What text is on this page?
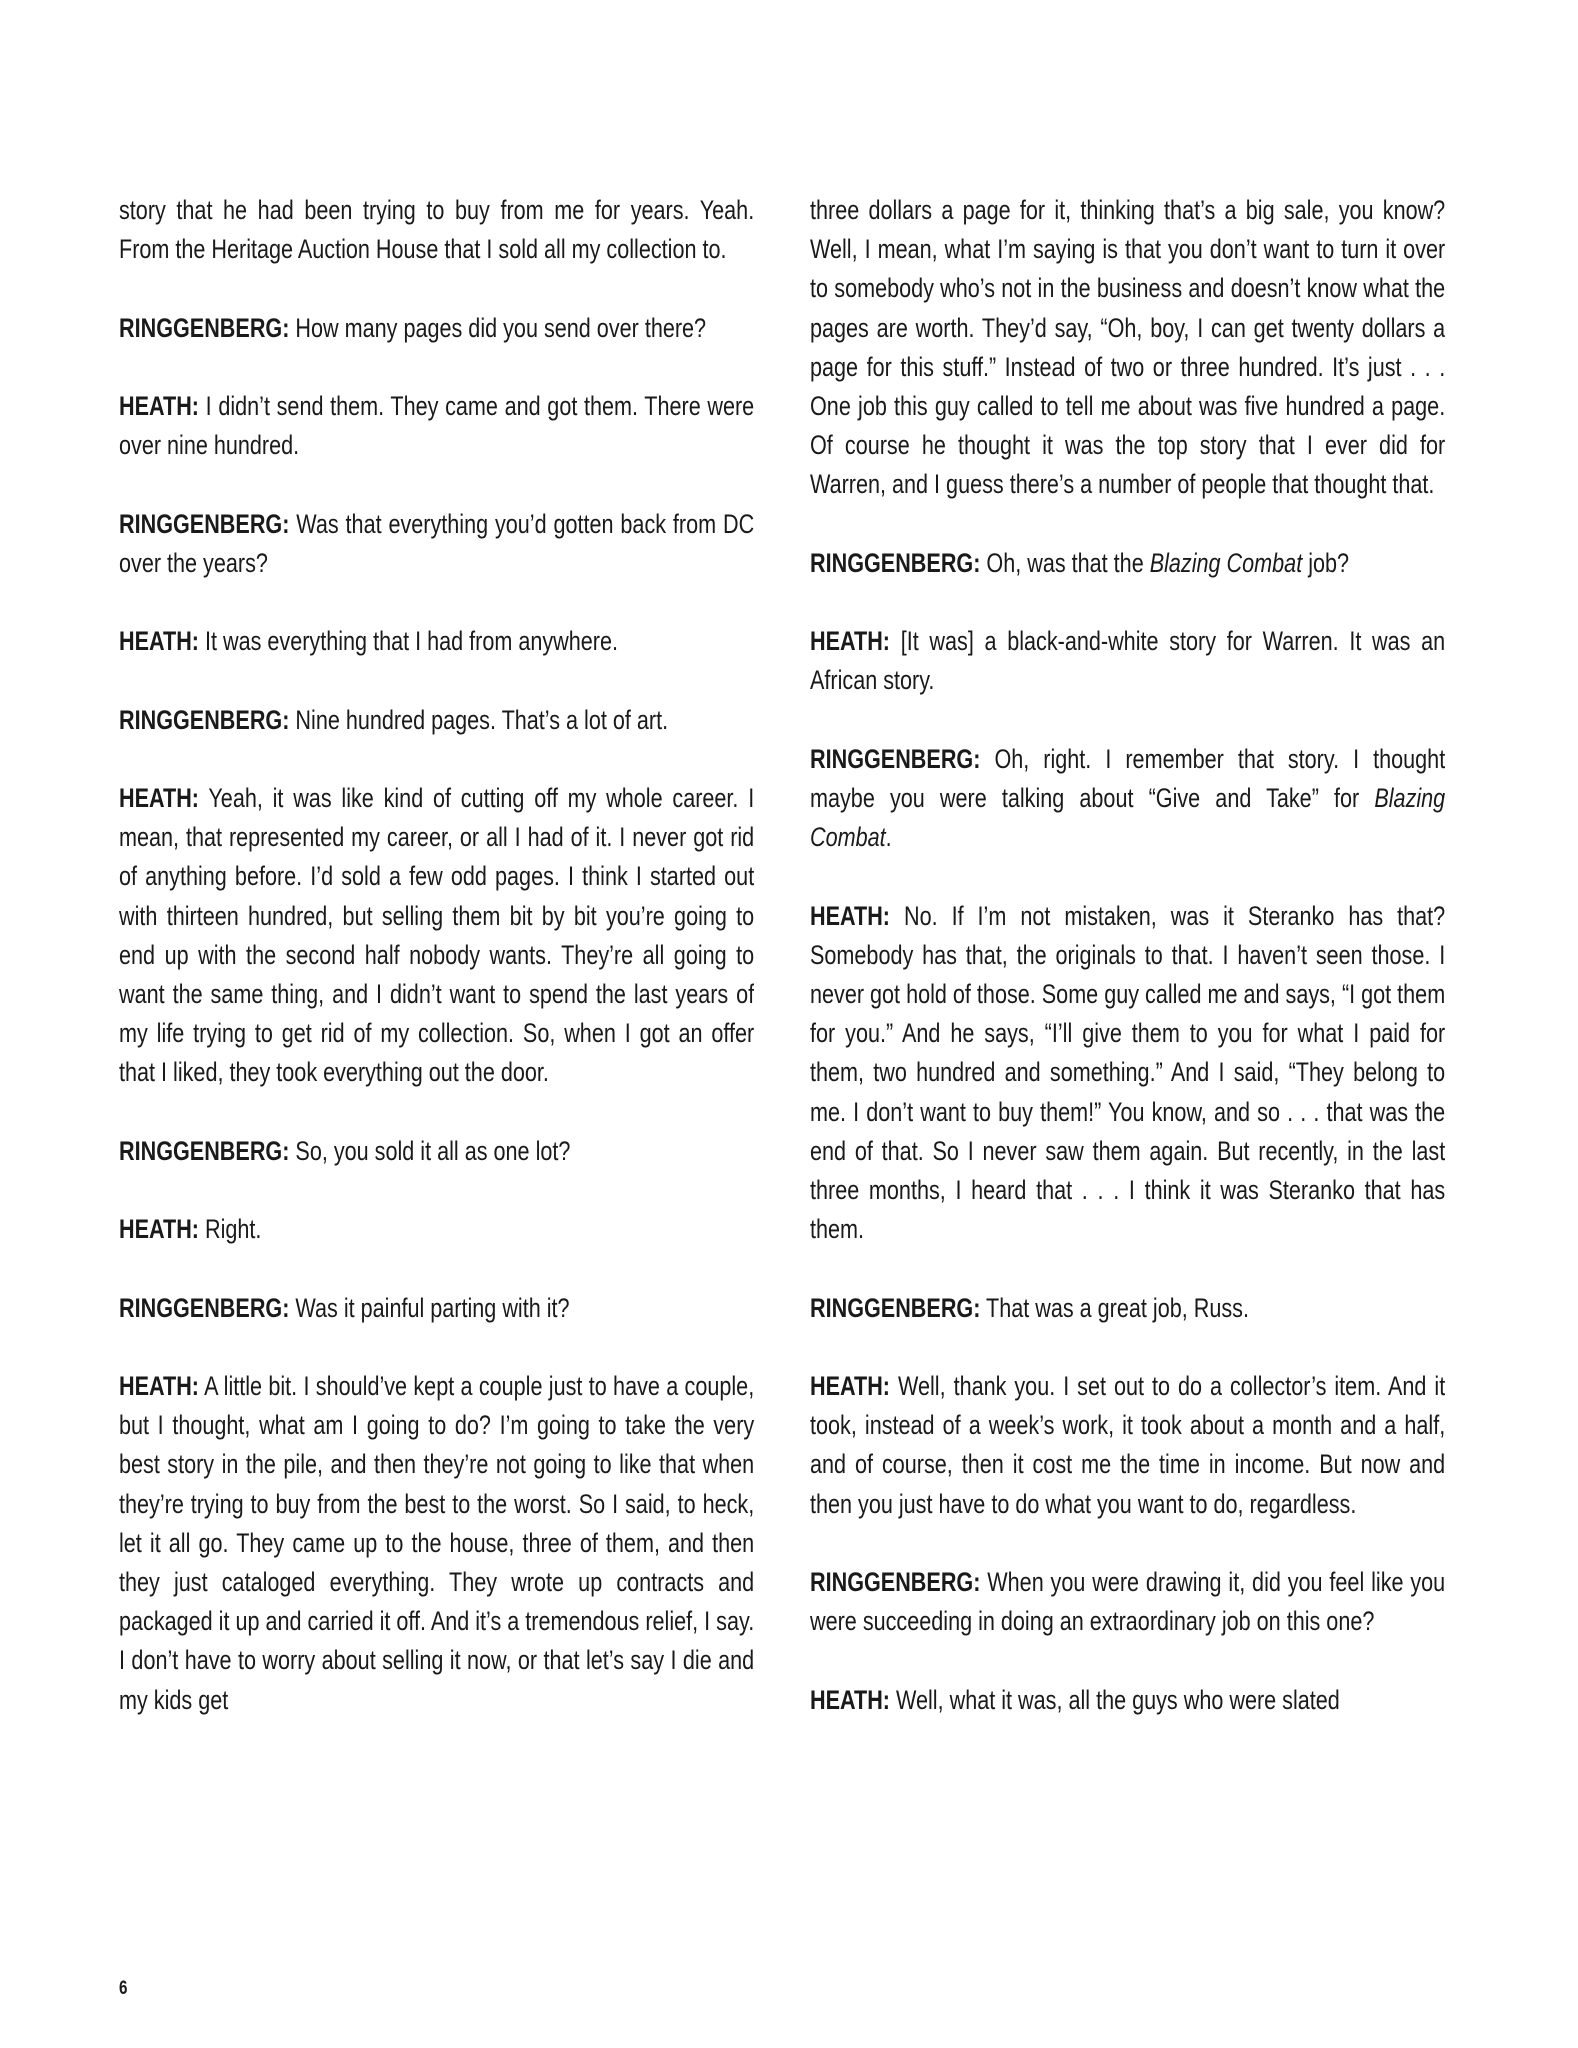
story that he had been trying to buy from me for years. Yeah. From the Heritage Auction House that I sold all my collection to.

RINGGENBERG: How many pages did you send over there?

HEATH: I didn’t send them. They came and got them. There were over nine hundred.

RINGGENBERG: Was that everything you’d gotten back from DC over the years?

HEATH: It was everything that I had from anywhere.

RINGGENBERG: Nine hundred pages. That’s a lot of art.

HEATH: Yeah, it was like kind of cutting off my whole career. I mean, that represented my career, or all I had of it. I never got rid of anything before. I’d sold a few odd pages. I think I started out with thirteen hundred, but selling them bit by bit you’re going to end up with the second half nobody wants. They’re all going to want the same thing, and I didn’t want to spend the last years of my life trying to get rid of my collection. So, when I got an offer that I liked, they took everything out the door.

RINGGENBERG: So, you sold it all as one lot?

HEATH: Right.

RINGGENBERG: Was it painful parting with it?

HEATH: A little bit. I should’ve kept a couple just to have a couple, but I thought, what am I going to do? I’m going to take the very best story in the pile, and then they’re not going to like that when they’re trying to buy from the best to the worst. So I said, to heck, let it all go. They came up to the house, three of them, and then they just cataloged everything. They wrote up contracts and packaged it up and carried it off. And it’s a tremendous relief, I say. I don’t have to worry about selling it now, or that let’s say I die and my kids get

three dollars a page for it, thinking that’s a big sale, you know? Well, I mean, what I’m saying is that you don’t want to turn it over to somebody who’s not in the business and doesn’t know what the pages are worth. They’d say, “Oh, boy, I can get twenty dollars a page for this stuff.” Instead of two or three hundred. It’s just . . . One job this guy called to tell me about was five hundred a page. Of course he thought it was the top story that I ever did for Warren, and I guess there’s a number of people that thought that.

RINGGENBERG: Oh, was that the Blazing Combat job?

HEATH: [It was] a black-and-white story for Warren. It was an African story.

RINGGENBERG: Oh, right. I remember that story. I thought maybe you were talking about “Give and Take” for Blazing Combat.

HEATH: No. If I’m not mistaken, was it Steranko has that? Somebody has that, the originals to that. I haven’t seen those. I never got hold of those. Some guy called me and says, “I got them for you.” And he says, “I’ll give them to you for what I paid for them, two hundred and something.” And I said, “They belong to me. I don’t want to buy them!” You know, and so . . . that was the end of that. So I never saw them again. But recently, in the last three months, I heard that . . . I think it was Steranko that has them.

RINGGENBERG: That was a great job, Russ.

HEATH: Well, thank you. I set out to do a collector’s item. And it took, instead of a week’s work, it took about a month and a half, and of course, then it cost me the time in income. But now and then you just have to do what you want to do, regardless.

RINGGENBERG: When you were drawing it, did you feel like you were succeeding in doing an extraordinary job on this one?

HEATH: Well, what it was, all the guys who were slated

6
